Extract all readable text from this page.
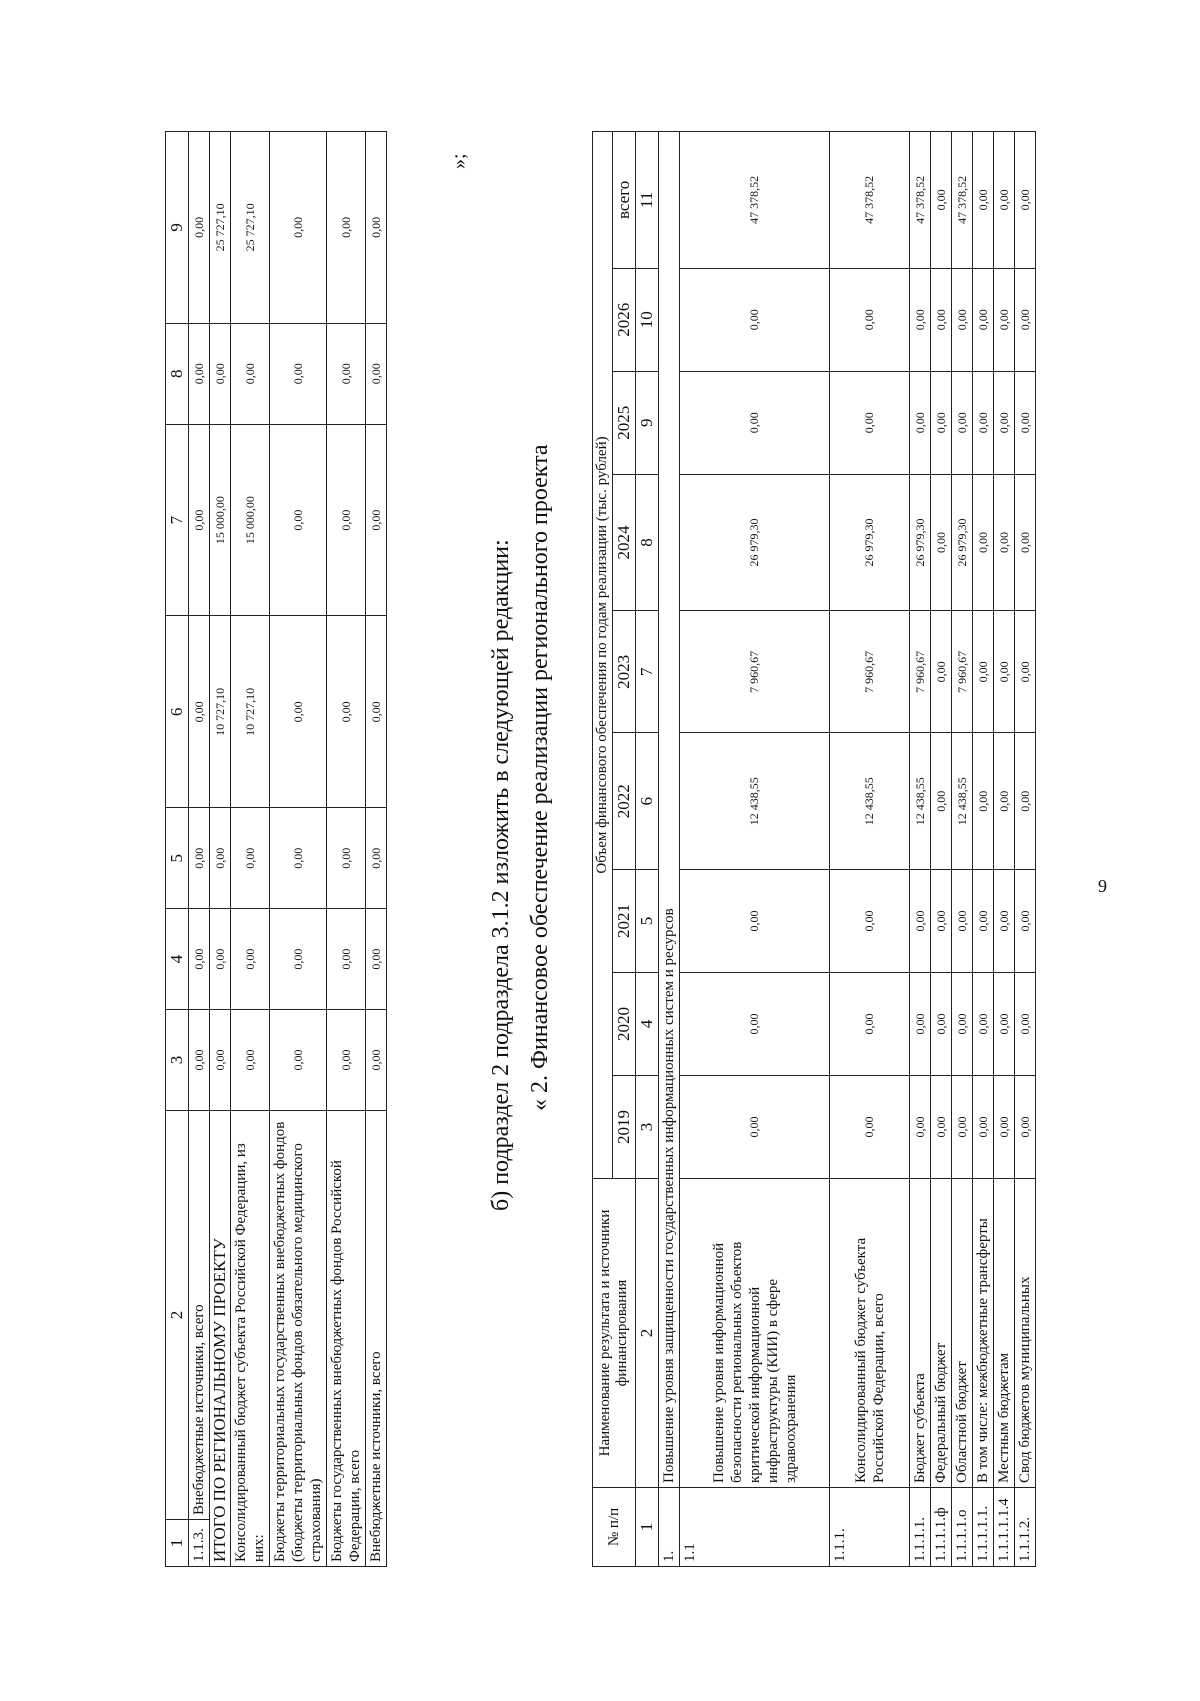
9
1	2	3	4	5	6	7	8	9
1.1.3.	Внебюджетные источники, всего	0,00	0,00	0,00	0,00	0,00	0,00	0,00
ИТОГО ПО РЕГИОНАЛЬНОМУ ПРОЕКТУ		0,00	0,00	0,00	10 727,10	15 000,00	0,00	25 727,10
Консолидированный бюджет субъекта Российской Федерации, из них:		0,00	0,00	0,00	10 727,10	15 000,00	0,00	25 727,10
Бюджеты территориальных государственных внебюджетных фондов (бюджеты территориальных фондов обязательного медицинского страхования)		0,00	0,00	0,00	0,00	0,00	0,00	0,00
Бюджеты государственных внебюджетных фондов Российской Федерации, всего		0,00	0,00	0,00	0,00	0,00	0,00	0,00
Внебюджетные источники, всего		0,00	0,00	0,00	0,00	0,00	0,00	0,00
»;
б) подраздел 2 подраздела 3.1.2 изложить в следующей редакции: « 2. Финансовое обеспечение реализации регионального проекта
№ п/п	Наименование результата и источники финансирования	Объем финансового обеспечения по годам реализации (тыс. рублей)								
		2019	2020	2021	2022	2023	2024	2025	2026	всего
1	2	3	4	5	6	7	8	9	10	11
1.	Повышение уровня защищенности государственных информационных систем и ресурсов									
1.1	Повышение уровня информационной безопасности региональных объектов критической информационной инфраструктуры (КИИ) в сфере здравоохранения	0,00	0,00	0,00	12 438,55	7 960,67	26 979,30	0,00	0,00	47 378,52
1.1.1.	Консолидированный бюджет субъекта Российской Федерации, всего	0,00	0,00	0,00	12 438,55	7 960,67	26 979,30	0,00	0,00	47 378,52
1.1.1.1.	Бюджет субъекта	0,00	0,00	0,00	12 438,55	7 960,67	26 979,30	0,00	0,00	47 378,52
1.1.1.1.ф	Федеральный бюджет	0,00	0,00	0,00	0,00	0,00	0,00	0,00	0,00	0,00
1.1.1.1.о	Областной бюджет	0,00	0,00	0,00	12 438,55	7 960,67	26 979,30	0,00	0,00	47 378,52
1.1.1.1.1.	В том числе: межбюджетные трансферты	0,00	0,00	0,00	0,00	0,00	0,00	0,00	0,00	0,00
1.1.1.1.1.4	Местным бюджетам	0,00	0,00	0,00	0,00	0,00	0,00	0,00	0,00	0,00
1.1.1.2.	Свод бюджетов муниципальных	0,00	0,00	0,00	0,00	0,00	0,00	0,00	0,00	0,00
